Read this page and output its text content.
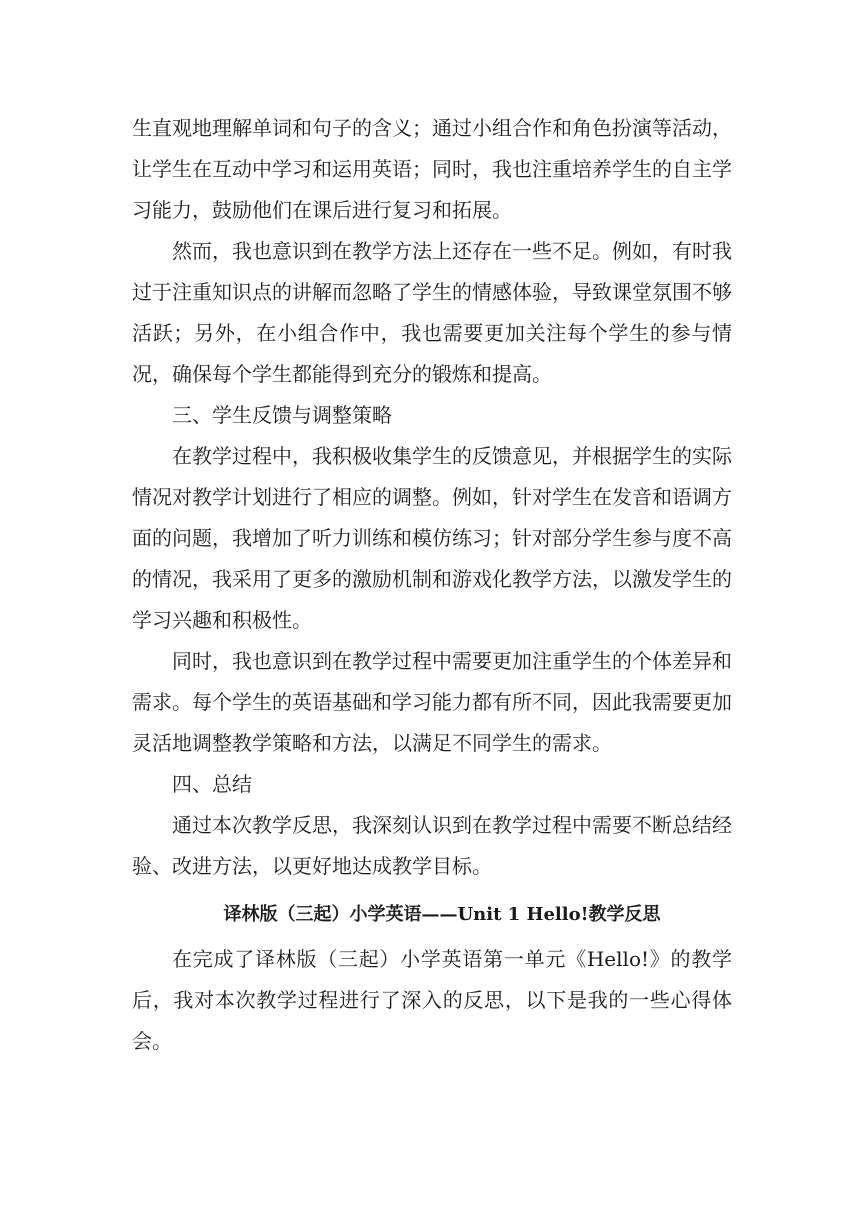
生直观地理解单词和句子的含义；通过小组合作和角色扮演等活动，让学生在互动中学习和运用英语；同时，我也注重培养学生的自主学习能力，鼓励他们在课后进行复习和拓展。

然而，我也意识到在教学方法上还存在一些不足。例如，有时我过于注重知识点的讲解而忽略了学生的情感体验，导致课堂氛围不够活跃；另外，在小组合作中，我也需要更加关注每个学生的参与情况，确保每个学生都能得到充分的锻炼和提高。

三、学生反馈与调整策略

在教学过程中，我积极收集学生的反馈意见，并根据学生的实际情况对教学计划进行了相应的调整。例如，针对学生在发音和语调方面的问题，我增加了听力训练和模仿练习；针对部分学生参与度不高的情况，我采用了更多的激励机制和游戏化教学方法，以激发学生的学习兴趣和积极性。

同时，我也意识到在教学过程中需要更加注重学生的个体差异和需求。每个学生的英语基础和学习能力都有所不同，因此我需要更加灵活地调整教学策略和方法，以满足不同学生的需求。

四、总结

通过本次教学反思，我深刻认识到在教学过程中需要不断总结经验、改进方法，以更好地达成教学目标。

译林版（三起）小学英语——Unit 1 Hello!教学反思

在完成了译林版（三起）小学英语第一单元《Hello!》的教学后，我对本次教学过程进行了深入的反思，以下是我的一些心得体会。
